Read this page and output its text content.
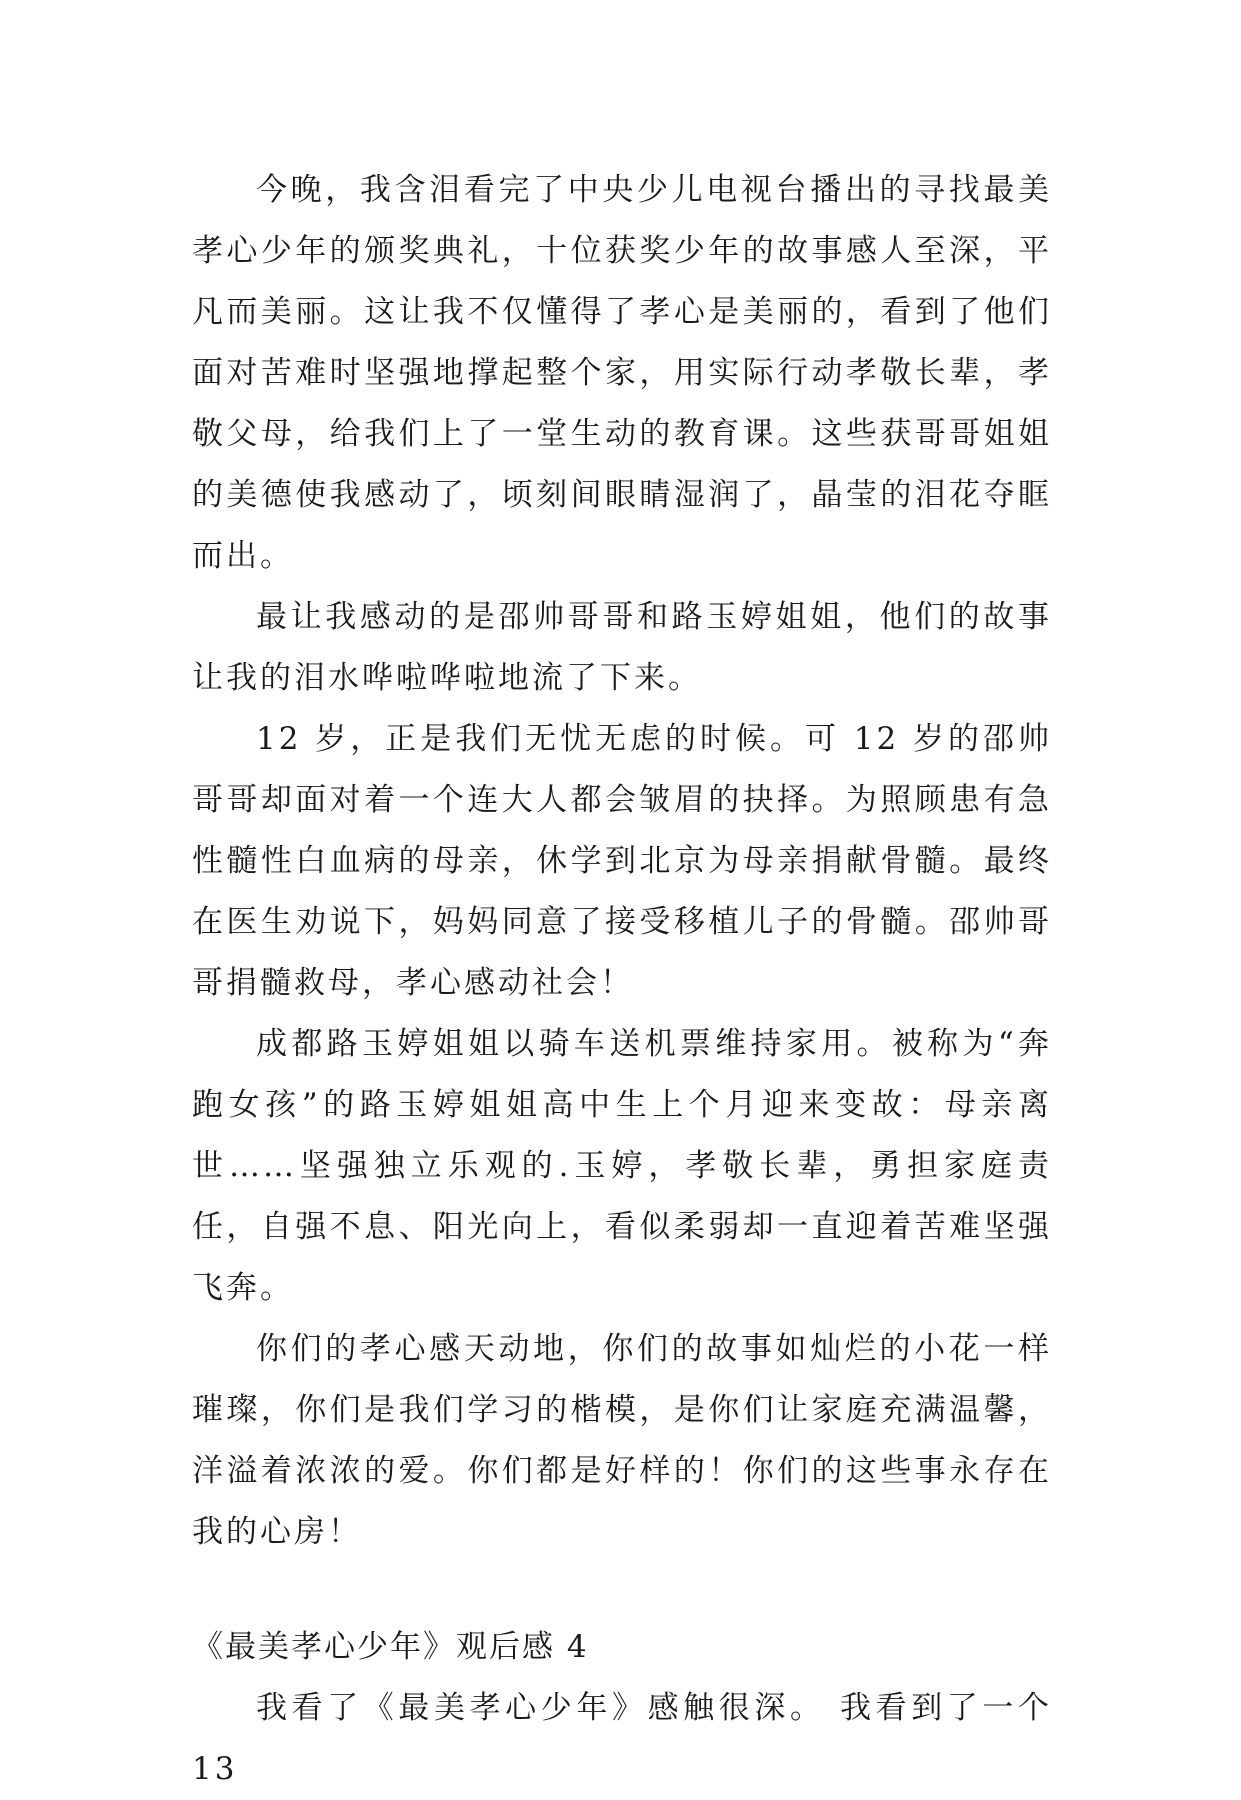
今晚，我含泪看完了中央少儿电视台播出的寻找最美孝心少年的颁奖典礼，十位获奖少年的故事感人至深，平凡而美丽。这让我不仅懂得了孝心是美丽的，看到了他们面对苦难时坚强地撑起整个家，用实际行动孝敬长辈，孝敬父母，给我们上了一堂生动的教育课。这些获哥哥姐姐的美德使我感动了，顷刻间眼睛湿润了，晶莹的泪花夺眶而出。

最让我感动的是邵帅哥哥和路玉婷姐姐，他们的故事让我的泪水哗啦哗啦地流了下来。

12 岁，正是我们无忧无虑的时候。可 12 岁的邵帅哥哥却面对着一个连大人都会皱眉的抉择。为照顾患有急性髓性白血病的母亲，休学到北京为母亲捐献骨髓。最终在医生劝说下，妈妈同意了接受移植儿子的骨髓。邵帅哥哥捐髓救母，孝心感动社会！

成都路玉婷姐姐以骑车送机票维持家用。被称为“奔跑女孩”的路玉婷姐姐高中生上个月迎来变故：母亲离世……坚强独立乐观的.玉婷，孝敬长辈，勇担家庭责任，自强不息、阳光向上，看似柔弱却一直迎着苦难坚强飞奔。

你们的孝心感天动地，你们的故事如灿烂的小花一样璀璨，你们是我们学习的楷模，是你们让家庭充满温馨，洋溢着浓浓的爱。你们都是好样的！你们的这些事永存在我的心房！

《最美孝心少年》观后感 4

我看了《最美孝心少年》感触很深。 我看到了一个 13
